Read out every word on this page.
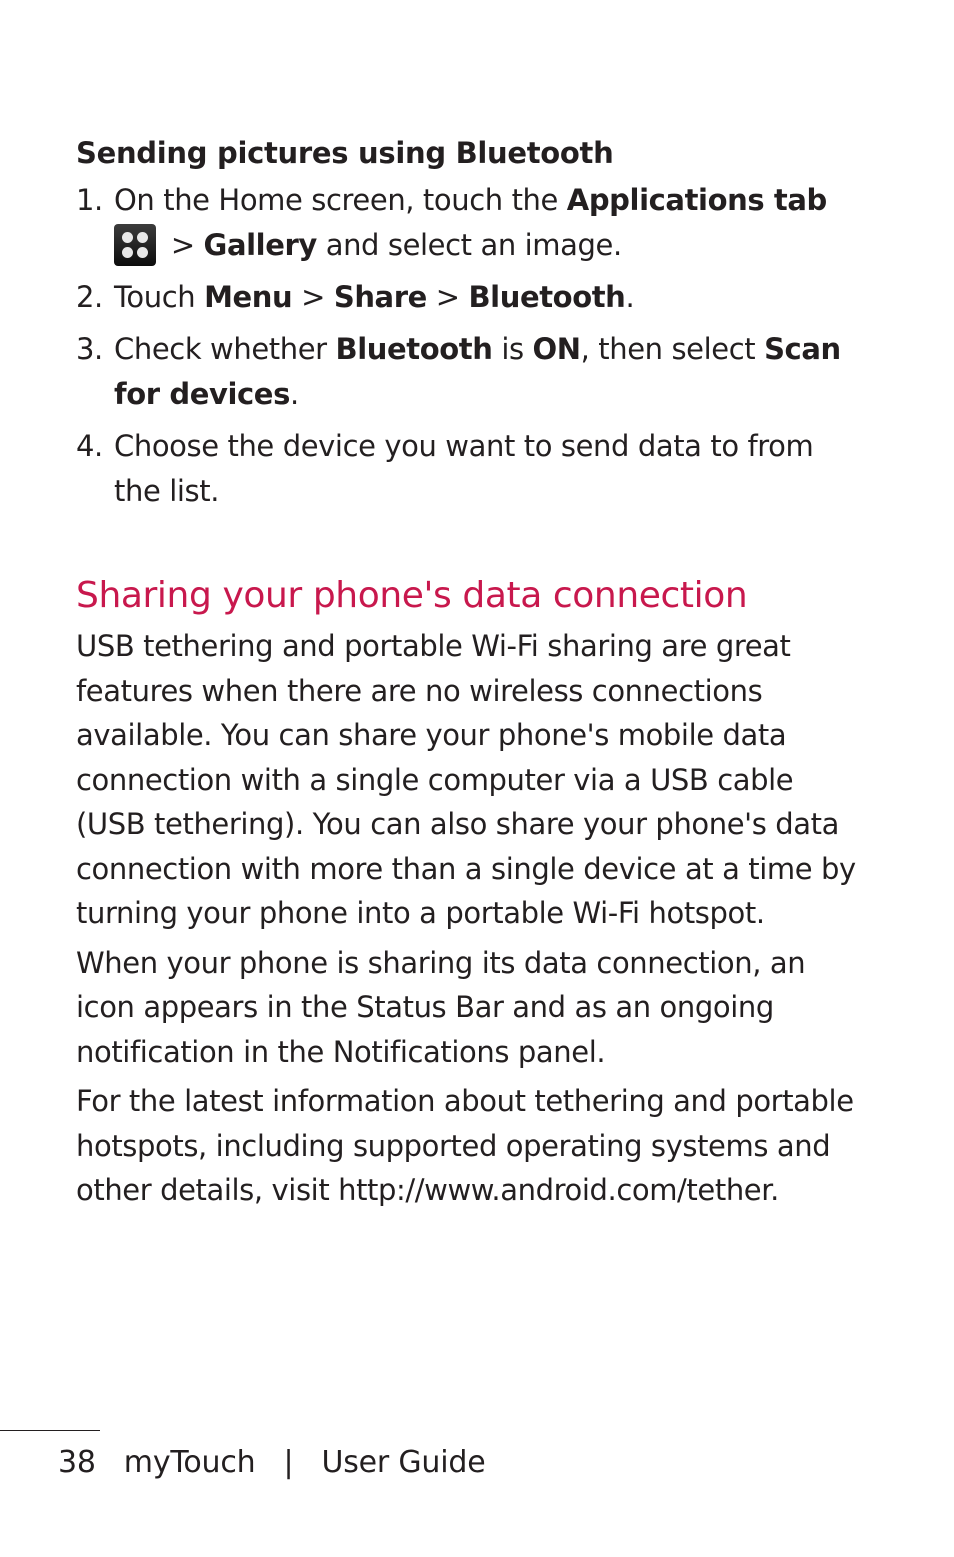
Sending pictures using Bluetooth
1. On the Home screen, touch the Applications tab

> Gallery and select an image.
2. Touch Menu > Share > Bluetooth.
3. Check whether Bluetooth is ON, then select Scan for devices.
4. Choose the device you want to send data to from the list.
Sharing your phone's data connection

USB tethering and portable Wi-Fi sharing are great features when there are no wireless connections available. You can share your phone's mobile data connection with a single computer via a USB cable (USB tethering). You can also share your phone's data connection with more than a single device at a time by turning your phone into a portable Wi-Fi hotspot.

When your phone is sharing its data connection, an icon appears in the Status Bar and as an ongoing notification in the Notifications panel.

For the latest information about tethering and portable hotspots, including supported operating systems and other details, visit http://www.android.com/tether.

38 myTouch | User Guide
